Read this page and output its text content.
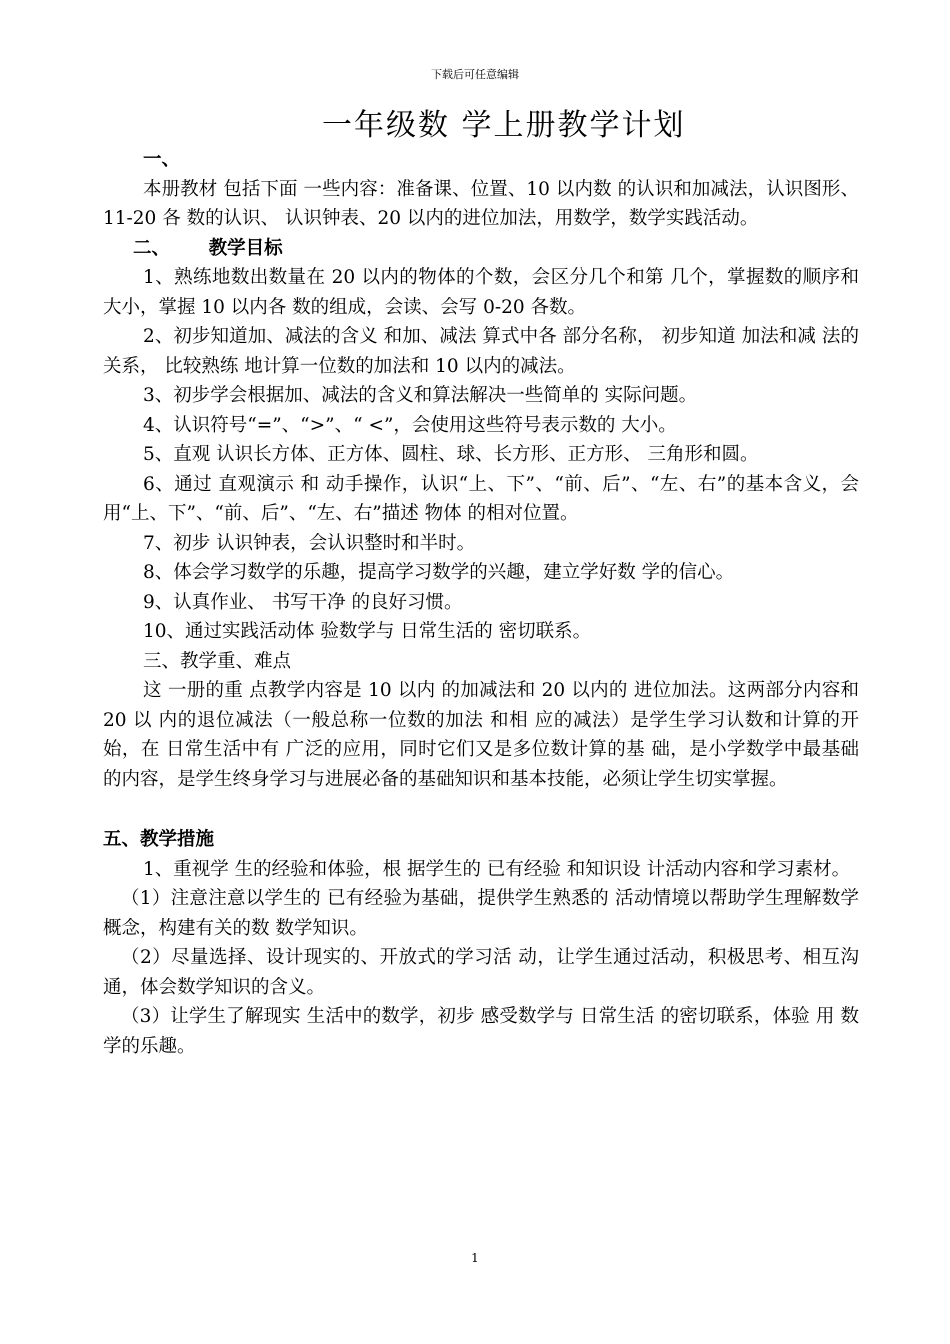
下载后可任意编辑
一年级数 学上册教学计划

一、

本册教材 包括下面 一些内容：准备课、位置、10 以内数 的认识和加减法，认识图形、 11-20 各 数的认识、 认识钟表、20 以内的进位加法，用数学，数学实践活动。

二、      教学目标

1、熟练地数出数量在 20 以内的物体的个数，会区分几个和第 几个，掌握数的顺序和大小，掌握 10 以内各 数的组成，会读、会写 0-20 各数。

2、初步知道加、减法的含义 和加、减法 算式中各 部分名称， 初步知道 加法和减 法的关系， 比较熟练 地计算一位数的加法和 10 以内的减法。

3、初步学会根据加、减法的含义和算法解决一些简单的 实际问题。

4、认识符号“=”、“>”、“ <”，会使用这些符号表示数的 大小。

5、直观 认识长方体、正方体、圆柱、球、长方形、正方形、 三角形和圆。

6、通过 直观演示 和 动手操作，认识“上、下”、“前、后”、“左、右”的基本含义，会用“上、下”、“前、后”、“左、右”描述 物体 的相对位置。

7、初步 认识钟表，会认识整时和半时。

8、体会学习数学的乐趣，提高学习数学的兴趣，建立学好数 学的信心。

9、认真作业、 书写干净 的良好习惯。

10、通过实践活动体 验数学与 日常生活的 密切联系。

三、教学重、难点

这 一册的重 点教学内容是 10 以内 的加减法和 20 以内的 进位加法。这两部分内容和 20 以 内的退位减法（一般总称一位数的加法 和相 应的减法）是学生学习认数和计算的开始，在 日常生活中有 广泛的应用，同时它们又是多位数计算的基 础，是小学数学中最基础的内容，是学生终身学习与进展必备的基础知识和基本技能，必须让学生切实掌握。

五、教学措施

1、重视学 生的经验和体验，根 据学生的 已有经验 和知识设 计活动内容和学习素材。

（1）注意注意以学生的 已有经验为基础，提供学生熟悉的 活动情境以帮助学生理解数学概念，构建有关的数 数学知识。

（2）尽量选择、设计现实的、开放式的学习活 动，让学生通过活动，积极思考、相互沟通，体会数学知识的含义。

（3）让学生了解现实 生活中的数学，初步 感受数学与 日常生活 的密切联系，体验 用 数学的乐趣。

1
